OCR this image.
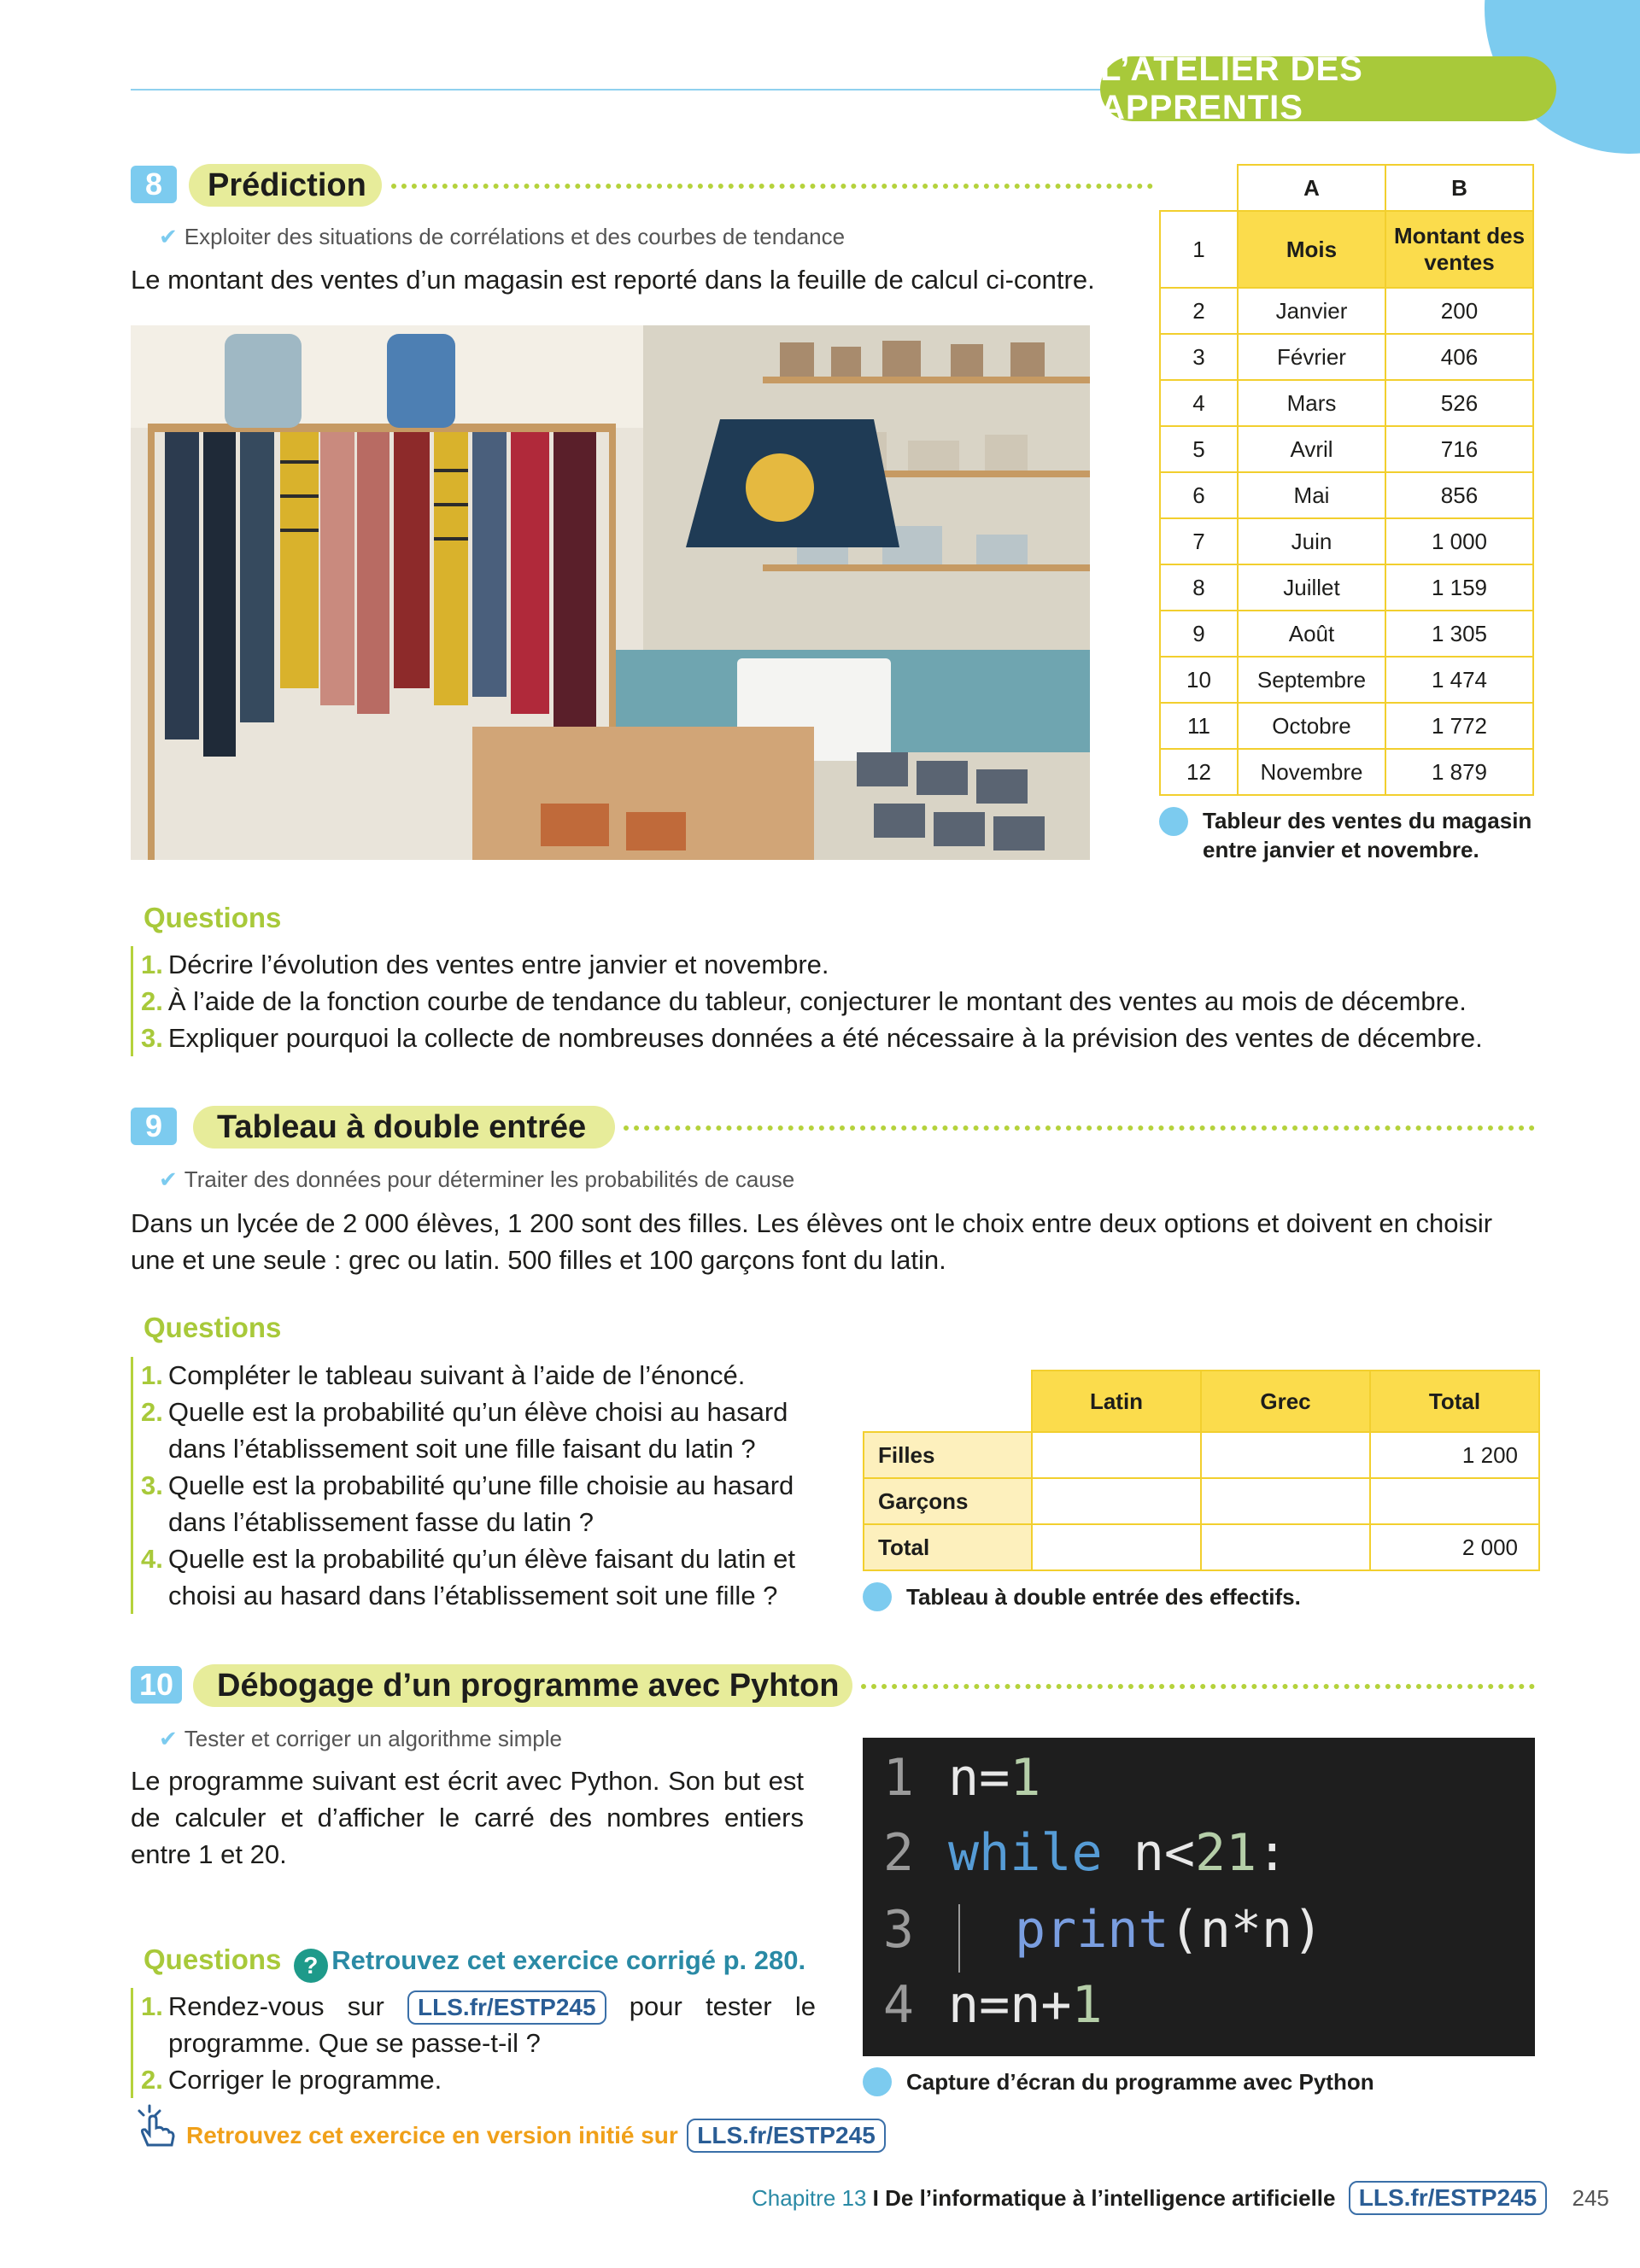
L’ATELIER DES APPRENTIS
8	Prédiction
✔ Exploiter des situations de corrélations et des courbes de tendance
Le montant des ventes d’un magasin est reporté dans la feuille de calcul ci-contre.
	A	B
1	Mois	Montant des ventes
2	Janvier	200
3	Février	406
4	Mars	526
5	Avril	716
6	Mai	856
7	Juin	1 000
8	Juillet	1 159
9	Août	1 305
10	Septembre	1 474
11	Octobre	1 772
12	Novembre	1 879
Tableur des ventes du magasin entre janvier et novembre.
Questions
1. Décrire l’évolution des ventes entre janvier et novembre.
2. À l’aide de la fonction courbe de tendance du tableur, conjecturer le montant des ventes au mois de décembre.
3. Expliquer pourquoi la collecte de nombreuses données a été nécessaire à la prévision des ventes de décembre.
9	Tableau à double entrée
✔ Traiter des données pour déterminer les probabilités de cause
Dans un lycée de 2 000 élèves, 1 200 sont des filles. Les élèves ont le choix entre deux options et doivent en choisir une et une seule : grec ou latin. 500 filles et 100 garçons font du latin.
Questions
1. Compléter le tableau suivant à l’aide de l’énoncé.
2. Quelle est la probabilité qu’un élève choisi au hasard dans l’établissement soit une fille faisant du latin ?
3. Quelle est la probabilité qu’une fille choisie au hasard dans l’établissement fasse du latin ?
4. Quelle est la probabilité qu’un élève faisant du latin et choisi au hasard dans l’établissement soit une fille ?
	Latin	Grec	Total
Filles			1 200
Garçons			
Total			2 000
Tableau à double entrée des effectifs.
10	Débogage d’un programme avec Pyhton
✔ Tester et corriger un algorithme simple
Le programme suivant est écrit avec Python. Son but est de calculer et d’afficher le carré des nombres entiers entre 1 et 20.
Questions ? Retrouvez cet exercice corrigé p. 280.
1. Rendez-vous sur LLS.fr/ESTP245 pour tester le programme. Que se passe-t-il ?
2. Corriger le programme.
1
2
3
4
n=1
while n<21:
print(n*n)
n=n+1
Capture d’écran du programme avec Python
Retrouvez cet exercice en version initié sur LLS.fr/ESTP245
Chapitre 13 I De l’informatique à l’intelligence artificielle LLS.fr/ESTP245 245
